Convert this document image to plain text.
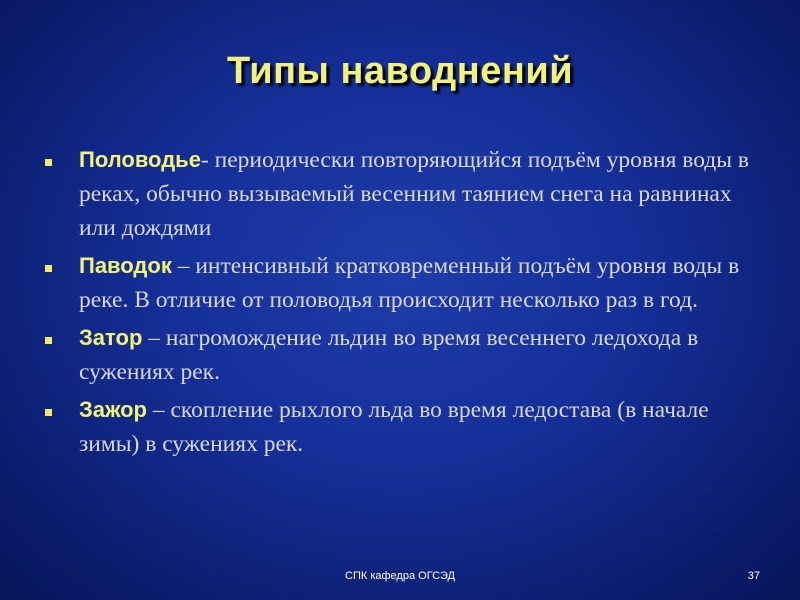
Типы наводнений
Половодье- периодически повторяющийся подъём уровня воды в реках, обычно вызываемый весенним таянием снега на равнинах или дождями
Паводок – интенсивный кратковременный подъём уровня воды в реке. В отличие от половодья происходит несколько раз в год.
Затор – нагромождение льдин во время весеннего ледохода в сужениях рек.
Зажор – скопление рыхлого льда во время ледостава (в начале зимы) в сужениях рек.
СПК кафедра ОГСЭД	37
